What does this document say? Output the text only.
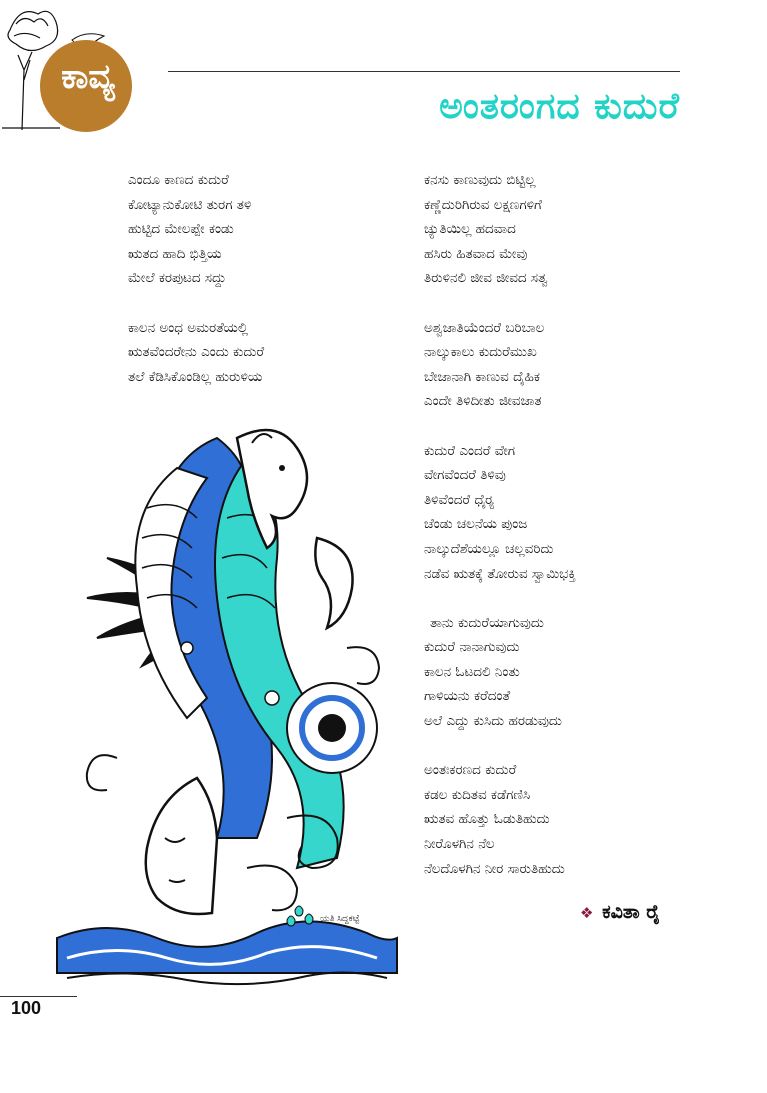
ಕಾವ್ಯ
ಅಂತರಂಗದ ಕುದುರೆ
ಎಂದೂ ಕಾಣದ ಕುದುರೆ
ಕೋಟ್ಯಾನುಕೋಟಿ ತುರಗ ತಳಿ
ಹುಟ್ಟಿದ ಮೇಲಪ್ಪೇ ಕಂಡು
ಋತದ ಹಾದಿ ಭಿತ್ತಿಯ
ಮೇಲೆ ಕರಪುಟದ ಸದ್ದು
ಕಾಲನ ಅಂಧ ಅಮರತೆಯಲ್ಲಿ
ಋತವೆಂದರೇನು ಎಂದು ಕುದುರೆ
ತಲೆ ಕೆಡಿಸಿಕೊಂಡಿಲ್ಲ ಹುರುಳಿಯ
ಕನಸು ಕಾಣುವುದು ಬಿಟ್ಟಿಲ್ಲ
ಕಣ್ಣೆದುರಿಗಿರುವ ಲಕ್ಷಣಗಳಿಗೆ
ಚ್ಯುತಿಯಿಲ್ಲ ಹದವಾದ
ಹಸಿರು ಹಿತವಾದ ಮೇವು
ತಿರುಳಿನಲಿ ಜೀವ ಜೀವದ ಸತ್ವ
ಅಶ್ವಜಾತಿಯೆಂದರೆ ಬರಿಬಾಲ
ನಾಲ್ಕುಕಾಲು ಕುದುರೆಮುಖ
ಬೇಜಾನಾಗಿ ಕಾಣುವ ದೈಹಿಕ
ಎಂದೇ ತಿಳಿದೀತು ಜೀವಜಾತ
ಕುದುರೆ ಎಂದರೆ ವೇಗ
ವೇಗವೆಂದರೆ ತಿಳಿವು
ತಿಳಿವೆಂದರೆ ಧೈರ‍್ಯ
ಚೆಂಡು ಚಲನೆಯ ಪುಂಜ
ನಾಲ್ಕುದೆಶೆಯಲ್ಲೂ ಚಲ್ಲವರಿದು
ನಡೆವ ಋತಕ್ಕೆ ತೋರುವ ಸ್ವಾಮಿಭಕ್ತಿ
ತಾನು ಕುದುರೆಯಾಗುವುದು
ಕುದುರೆ ನಾನಾಗುವುದು
ಕಾಲನ ಓಟದಲಿ ನಿಂತು
ಗಾಳಿಯನು ಕರೆದಂತೆ
ಅಲೆ ಎದ್ದು ಕುಸಿದು ಹರಡುವುದು
ಅಂತಃಕರಣದ ಕುದುರೆ
ಕಡಲ ಕುದಿತವ ಕಡೆಗಣಿಸಿ
ಋತವ ಹೊತ್ತು ಓಡುತಿಹುದು
ನೀರೊಳಗಿನ ನೆಲ
ನೆಲದೊಳಗಿನ ನೀರ ಸಾರುತಿಹುದು
ಯತಿ ಸಿದ್ದಕಟ್ಟೆ	❖ ಕವಿತಾ ರೈ
100
